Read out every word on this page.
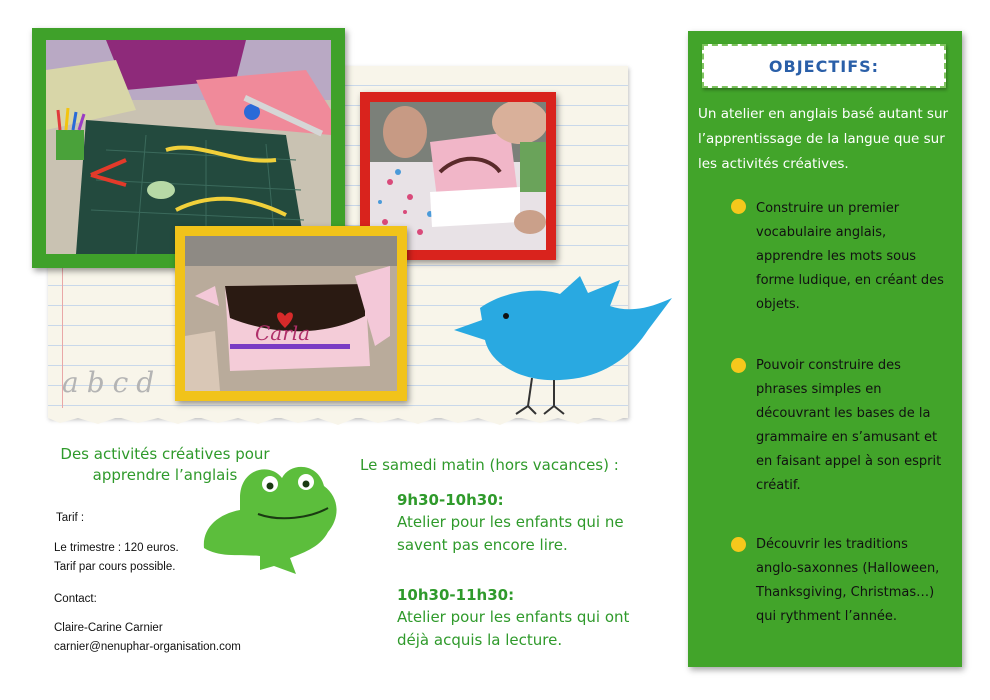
abcd
Carla
Des activités créatives pour apprendre l’anglais
Tarif :
Le trimestre : 120 euros.
Tarif par cours possible.
Contact:
Claire-Carine Carnier
carnier@nenuphar-organisation.com
Le samedi matin (hors vacances) :
9h30-10h30:
Atelier pour les enfants qui ne savent pas encore lire.
10h30-11h30:
Atelier pour les enfants qui ont déjà acquis la lecture.
OBJECTIFS:
Un atelier en anglais basé autant sur l’apprentissage de la langue que sur les activités créatives.
Construire un premier vocabulaire anglais, apprendre les mots sous forme ludique, en créant des objets.
Pouvoir construire des phrases simples en découvrant les bases de la grammaire en s’amusant et en faisant appel à son esprit créatif.
Découvrir les traditions anglo-saxonnes (Halloween, Thanksgiving, Christmas…) qui rythment l’année.
